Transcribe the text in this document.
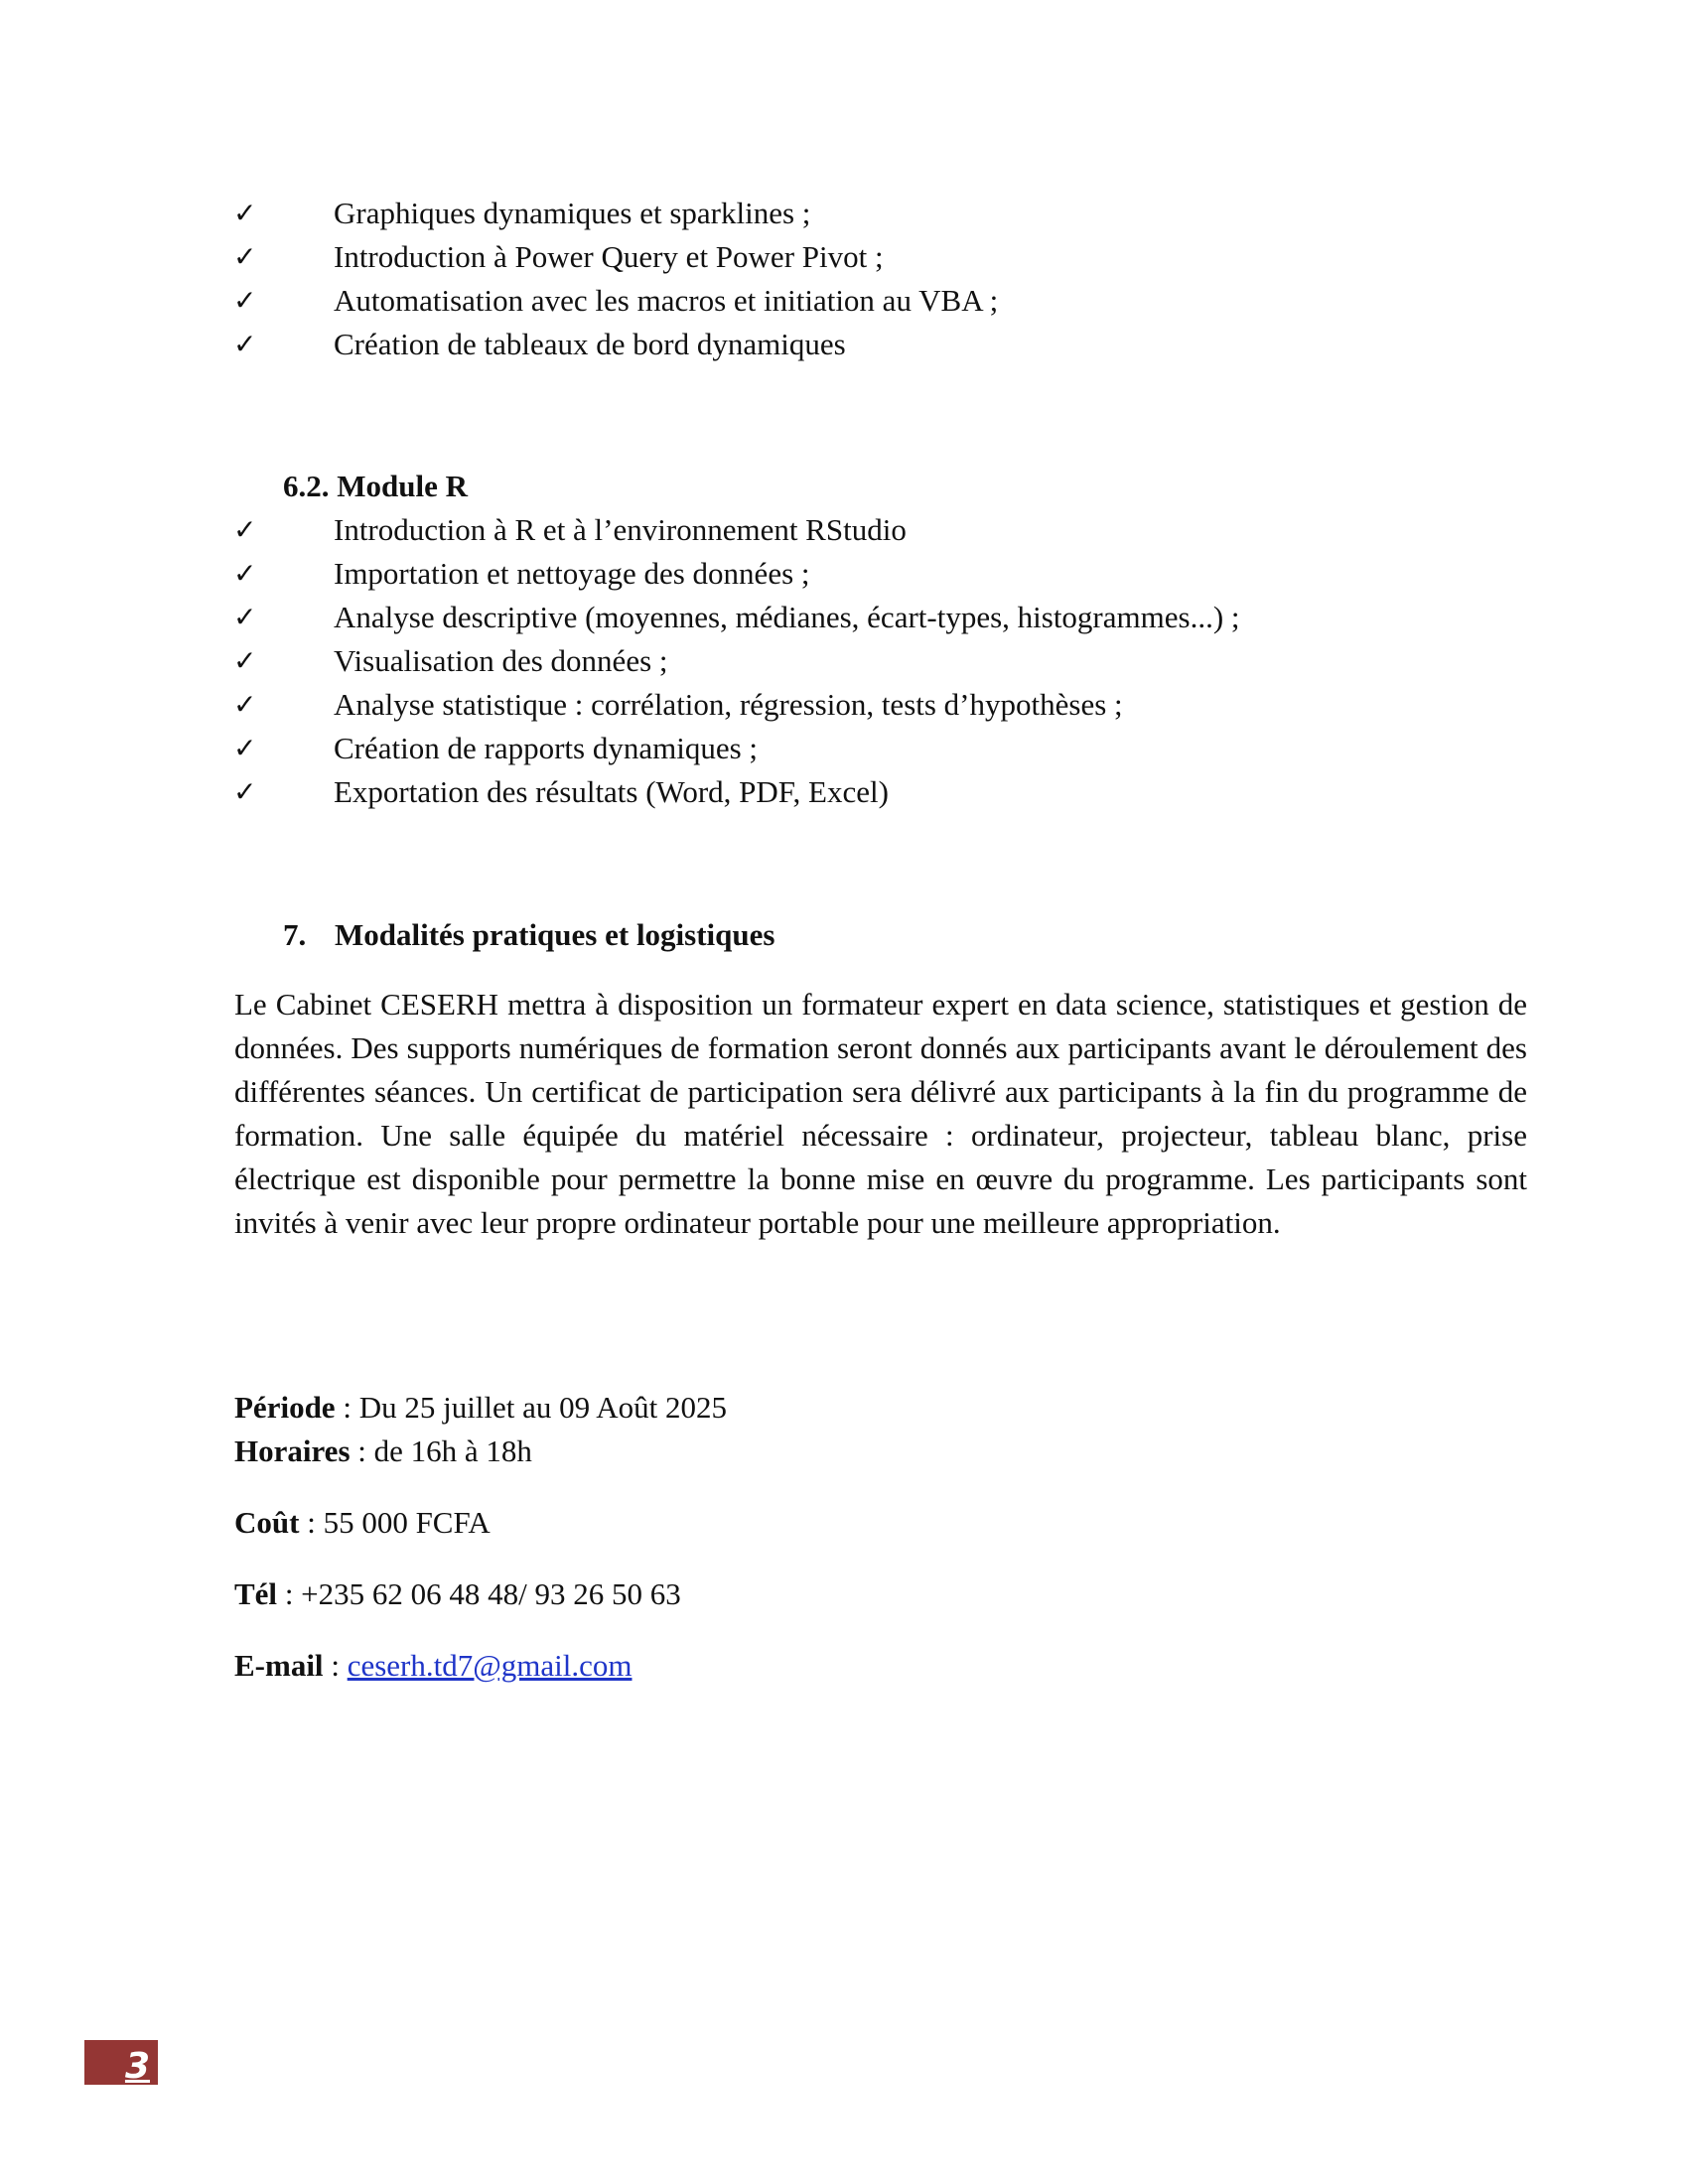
✓	Graphiques dynamiques et sparklines ;
✓	Introduction à Power Query et Power Pivot ;
✓	Automatisation avec les macros et initiation au VBA ;
✓	Création de tableaux de bord dynamiques
6.2. Module R
✓	Introduction à R et à l’environnement RStudio
✓	Importation et nettoyage des données ;
✓	Analyse descriptive (moyennes, médianes, écart-types, histogrammes...) ;
✓	Visualisation des données ;
✓	Analyse statistique : corrélation, régression, tests d’hypothèses ;
✓	Création de rapports dynamiques ;
✓	Exportation des résultats (Word, PDF, Excel)
7. Modalités pratiques et logistiques

Le Cabinet CESERH mettra à disposition un formateur expert en data science, statistiques et gestion de données. Des supports numériques de formation seront donnés aux participants avant le déroulement des différentes séances. Un certificat de participation sera délivré aux participants à la fin du programme de formation. Une salle équipée du matériel nécessaire : ordinateur, projecteur, tableau blanc, prise électrique est disponible pour permettre la bonne mise en œuvre du programme. Les participants sont invités à venir avec leur propre ordinateur portable pour une meilleure appropriation.

Période : Du 25 juillet au 09 Août 2025

Horaires : de 16h à 18h

Coût : 55 000 FCFA

Tél : +235 62 06 48 48/ 93 26 50 63

E-mail : ceserh.td7@gmail.com

3
